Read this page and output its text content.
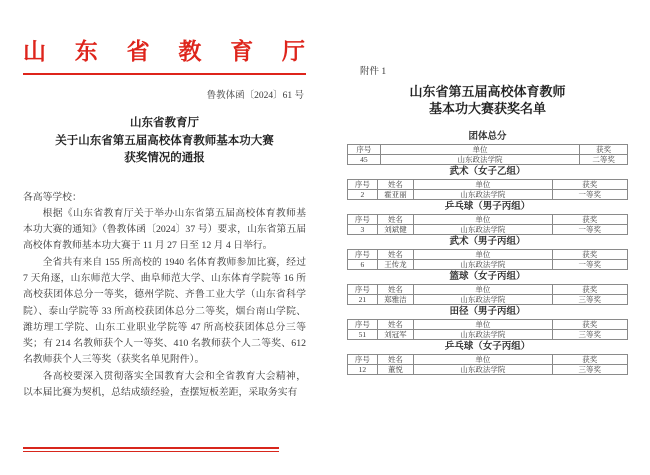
山 东 省 教 育 厅
鲁教体函〔2024〕61 号
山东省教育厅
关于山东省第五届高校体育教师基本功大赛
获奖情况的通报

各高等学校：

根据《山东省教育厅关于举办山东省第五届高校体育教师基本功大赛的通知》（鲁教体函〔2024〕37 号）要求，山东省第五届高校体育教师基本功大赛于 11 月 27 日至 12 月 4 日举行。

全省共有来自 155 所高校的 1940 名体育教师参加比赛，经过 7 天角逐，山东师范大学、曲阜师范大学、山东体育学院等 16 所高校获团体总分一等奖，德州学院、齐鲁工业大学（山东省科学院）、泰山学院等 33 所高校获团体总分二等奖，烟台南山学院、潍坊理工学院、山东工业职业学院等 47 所高校获团体总分三等奖；有 214 名教师获个人一等奖、410 名教师获个人二等奖、612 名教师获个人三等奖（获奖名单见附件）。

各高校要深入贯彻落实全国教育大会和全省教育大会精神，以本届比赛为契机，总结成绩经验，查摆短板差距，采取务实有

附件 1
山东省第五届高校体育教师
基本功大赛获奖名单
团体总分
序号	单位	获奖
45	山东政法学院	二等奖
武术（女子乙组）
序号	姓名	单位	获奖
2	霍亚丽	山东政法学院	一等奖
乒乓球（男子丙组）
序号	姓名	单位	获奖
3	刘斌健	山东政法学院	一等奖
武术（男子丙组）
序号	姓名	单位	获奖
6	王传龙	山东政法学院	一等奖
篮球（女子丙组）
序号	姓名	单位	获奖
21	郑雅洁	山东政法学院	三等奖
田径（男子丙组）
序号	姓名	单位	获奖
51	刘冠军	山东政法学院	三等奖
乒乓球（女子丙组）
序号	姓名	单位	获奖
12	董悦	山东政法学院	三等奖
